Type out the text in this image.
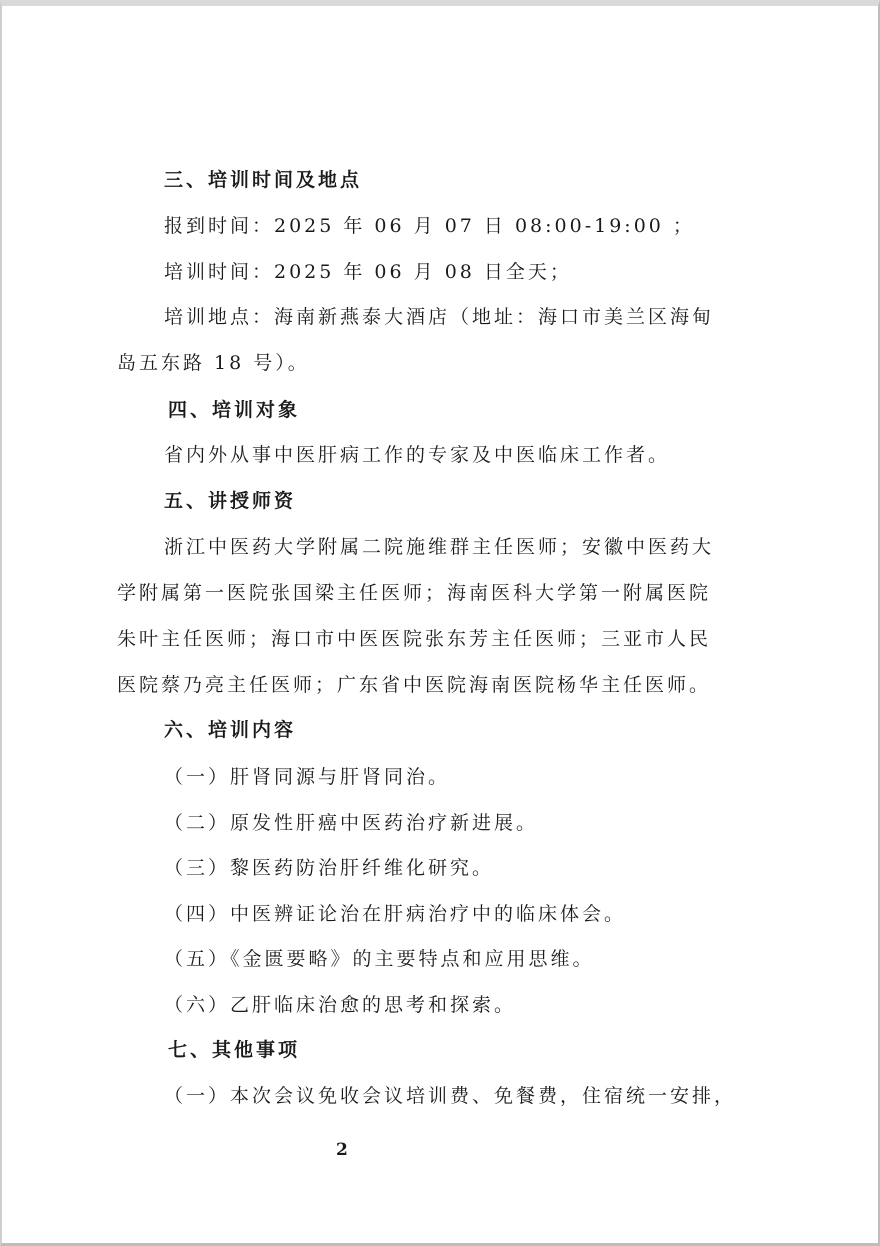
三、培训时间及地点
报到时间：2025 年 06 月 07 日 08:00-19:00 ；
培训时间：2025 年 06 月 08 日全天；
培训地点：海南新燕泰大酒店（地址：海口市美兰区海甸
岛五东路 18 号）。
四、培训对象
省内外从事中医肝病工作的专家及中医临床工作者。
五、讲授师资
浙江中医药大学附属二院施维群主任医师；安徽中医药大
学附属第一医院张国梁主任医师；海南医科大学第一附属医院
朱叶主任医师；海口市中医医院张东芳主任医师；三亚市人民
医院蔡乃亮主任医师；广东省中医院海南医院杨华主任医师。
六、培训内容
（一）肝肾同源与肝肾同治。
（二）原发性肝癌中医药治疗新进展。
（三）黎医药防治肝纤维化研究。
（四）中医辨证论治在肝病治疗中的临床体会。
（五）《金匮要略》的主要特点和应用思维。
（六）乙肝临床治愈的思考和探索。
七、其他事项
（一）本次会议免收会议培训费、免餐费，住宿统一安排，
2
